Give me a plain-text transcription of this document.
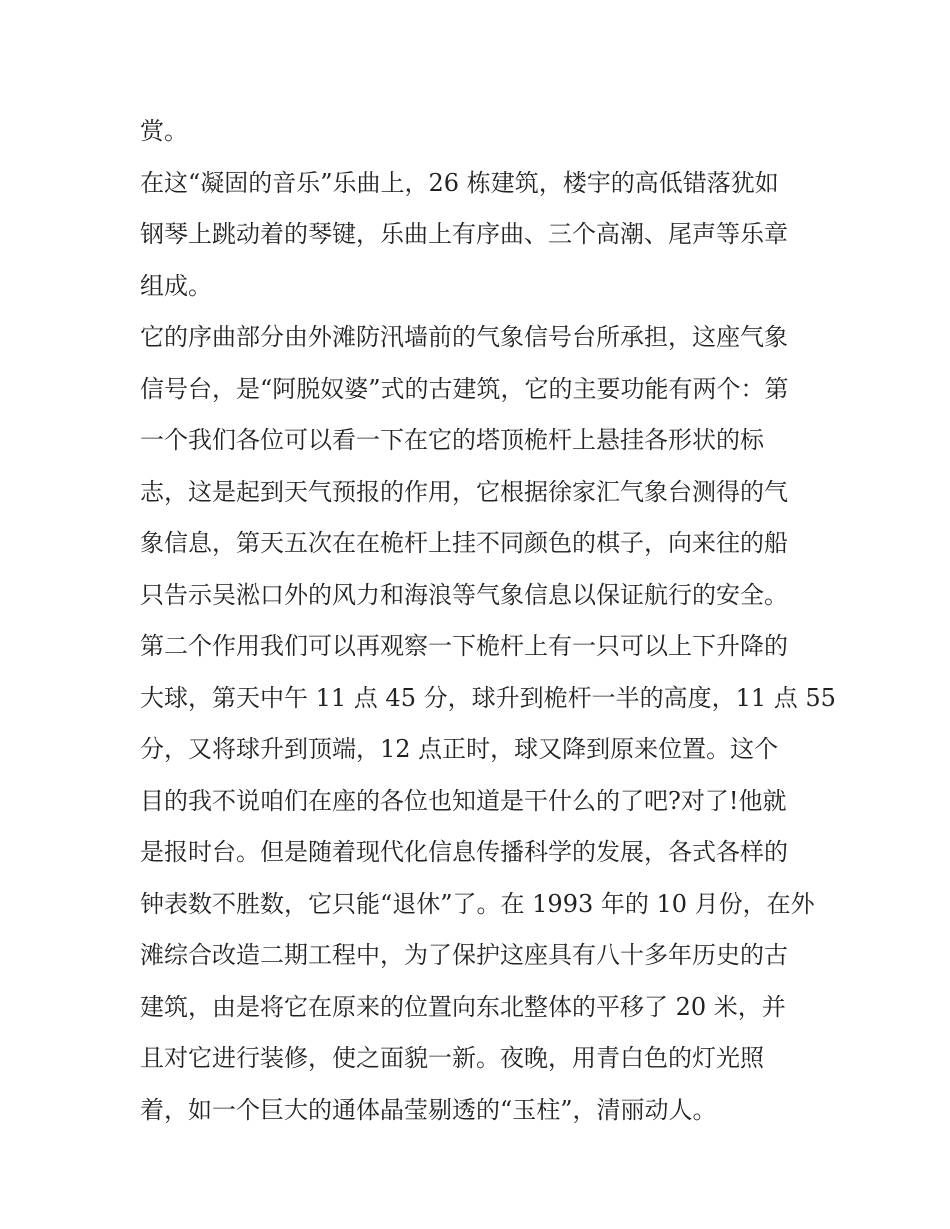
赏。
在这“凝固的音乐”乐曲上，26 栋建筑，楼宇的高低错落犹如
钢琴上跳动着的琴键，乐曲上有序曲、三个高潮、尾声等乐章
组成。
它的序曲部分由外滩防汛墙前的气象信号台所承担，这座气象
信号台，是“阿脱奴婆”式的古建筑，它的主要功能有两个：第
一个我们各位可以看一下在它的塔顶桅杆上悬挂各形状的标
志，这是起到天气预报的作用，它根据徐家汇气象台测得的气
象信息，第天五次在在桅杆上挂不同颜色的棋子，向来往的船
只告示吴淞口外的风力和海浪等气象信息以保证航行的安全。
第二个作用我们可以再观察一下桅杆上有一只可以上下升降的
大球，第天中午 11 点 45 分，球升到桅杆一半的高度，11 点 55
分，又将球升到顶端，12 点正时，球又降到原来位置。这个
目的我不说咱们在座的各位也知道是干什么的了吧?对了!他就
是报时台。但是随着现代化信息传播科学的发展，各式各样的
钟表数不胜数，它只能“退休”了。在 1993 年的 10 月份，在外
滩综合改造二期工程中，为了保护这座具有八十多年历史的古
建筑，由是将它在原来的位置向东北整体的平移了 20 米，并
且对它进行装修，使之面貌一新。夜晚，用青白色的灯光照
着，如一个巨大的通体晶莹剔透的“玉柱”，清丽动人。
